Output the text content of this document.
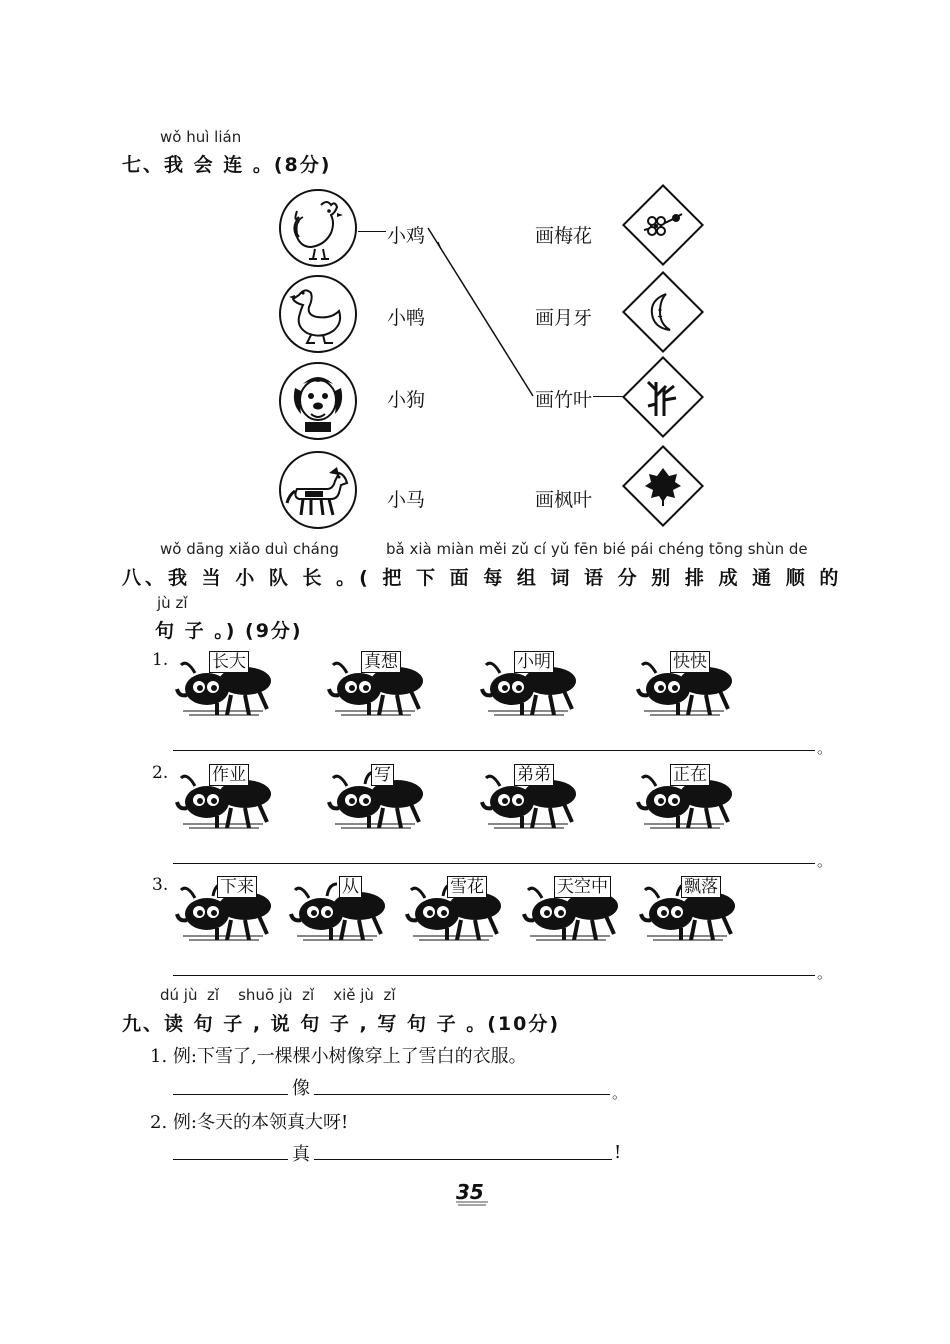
wǒ huì lián
七、我 会 连 。(8分)
小鸡
小鸭
小狗
小马
画梅花
画月牙
画竹叶
画枫叶
wǒ dāng xiǎo duì cháng	bǎ xià miàn měi zǔ cí yǔ fēn bié pái chéng tōng shùn de
八、我 当 小 队 长 。( 把 下 面 每 组 词 语 分 别 排 成 通 顺 的
jù zǐ
句 子 。) (9分)
1.	长大	真想	小明	快快
。
2.	作业	写	弟弟	正在
。
3.	下来	从	雪花	天空中	飘落
。
dú jù  zǐ    shuō jù  zǐ    xiě jù  zǐ
九、读 句 子 , 说 句 子 , 写 句 子 。(10分)
1. 例:下雪了,一棵棵小树像穿上了雪白的衣服。
像	。
2. 例:冬天的本领真大呀!
真	!
35
